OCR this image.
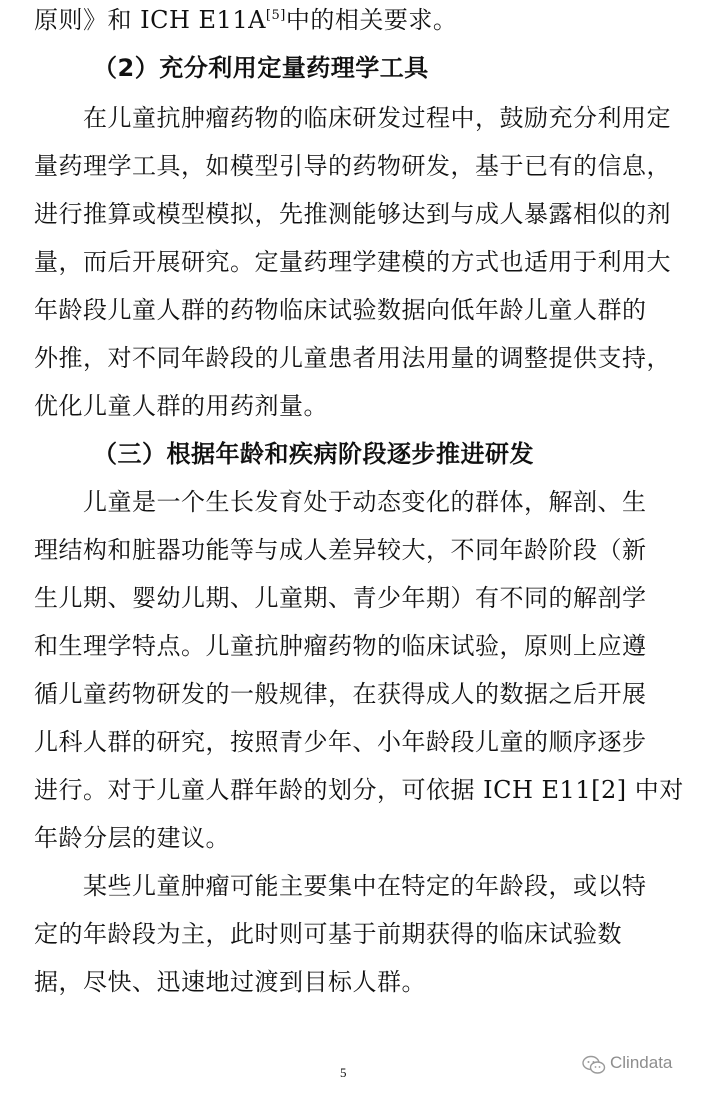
原则》和 ICH E11A[5]中的相关要求。
（2）充分利用定量药理学工具
在儿童抗肿瘤药物的临床研发过程中，鼓励充分利用定
量药理学工具，如模型引导的药物研发，基于已有的信息，
进行推算或模型模拟，先推测能够达到与成人暴露相似的剂
量，而后开展研究。定量药理学建模的方式也适用于利用大
年龄段儿童人群的药物临床试验数据向低年龄儿童人群的
外推，对不同年龄段的儿童患者用法用量的调整提供支持，
优化儿童人群的用药剂量。
（三）根据年龄和疾病阶段逐步推进研发
儿童是一个生长发育处于动态变化的群体，解剖、生
理结构和脏器功能等与成人差异较大，不同年龄阶段（新
生儿期、婴幼儿期、儿童期、青少年期）有不同的解剖学
和生理学特点。儿童抗肿瘤药物的临床试验，原则上应遵
循儿童药物研发的一般规律，在获得成人的数据之后开展
儿科人群的研究，按照青少年、小年龄段儿童的顺序逐步
进行。对于儿童人群年龄的划分，可依据 ICH E11[2] 中对
年龄分层的建议。
某些儿童肿瘤可能主要集中在特定的年龄段，或以特
定的年龄段为主，此时则可基于前期获得的临床试验数
据，尽快、迅速地过渡到目标人群。
5
Clindata
